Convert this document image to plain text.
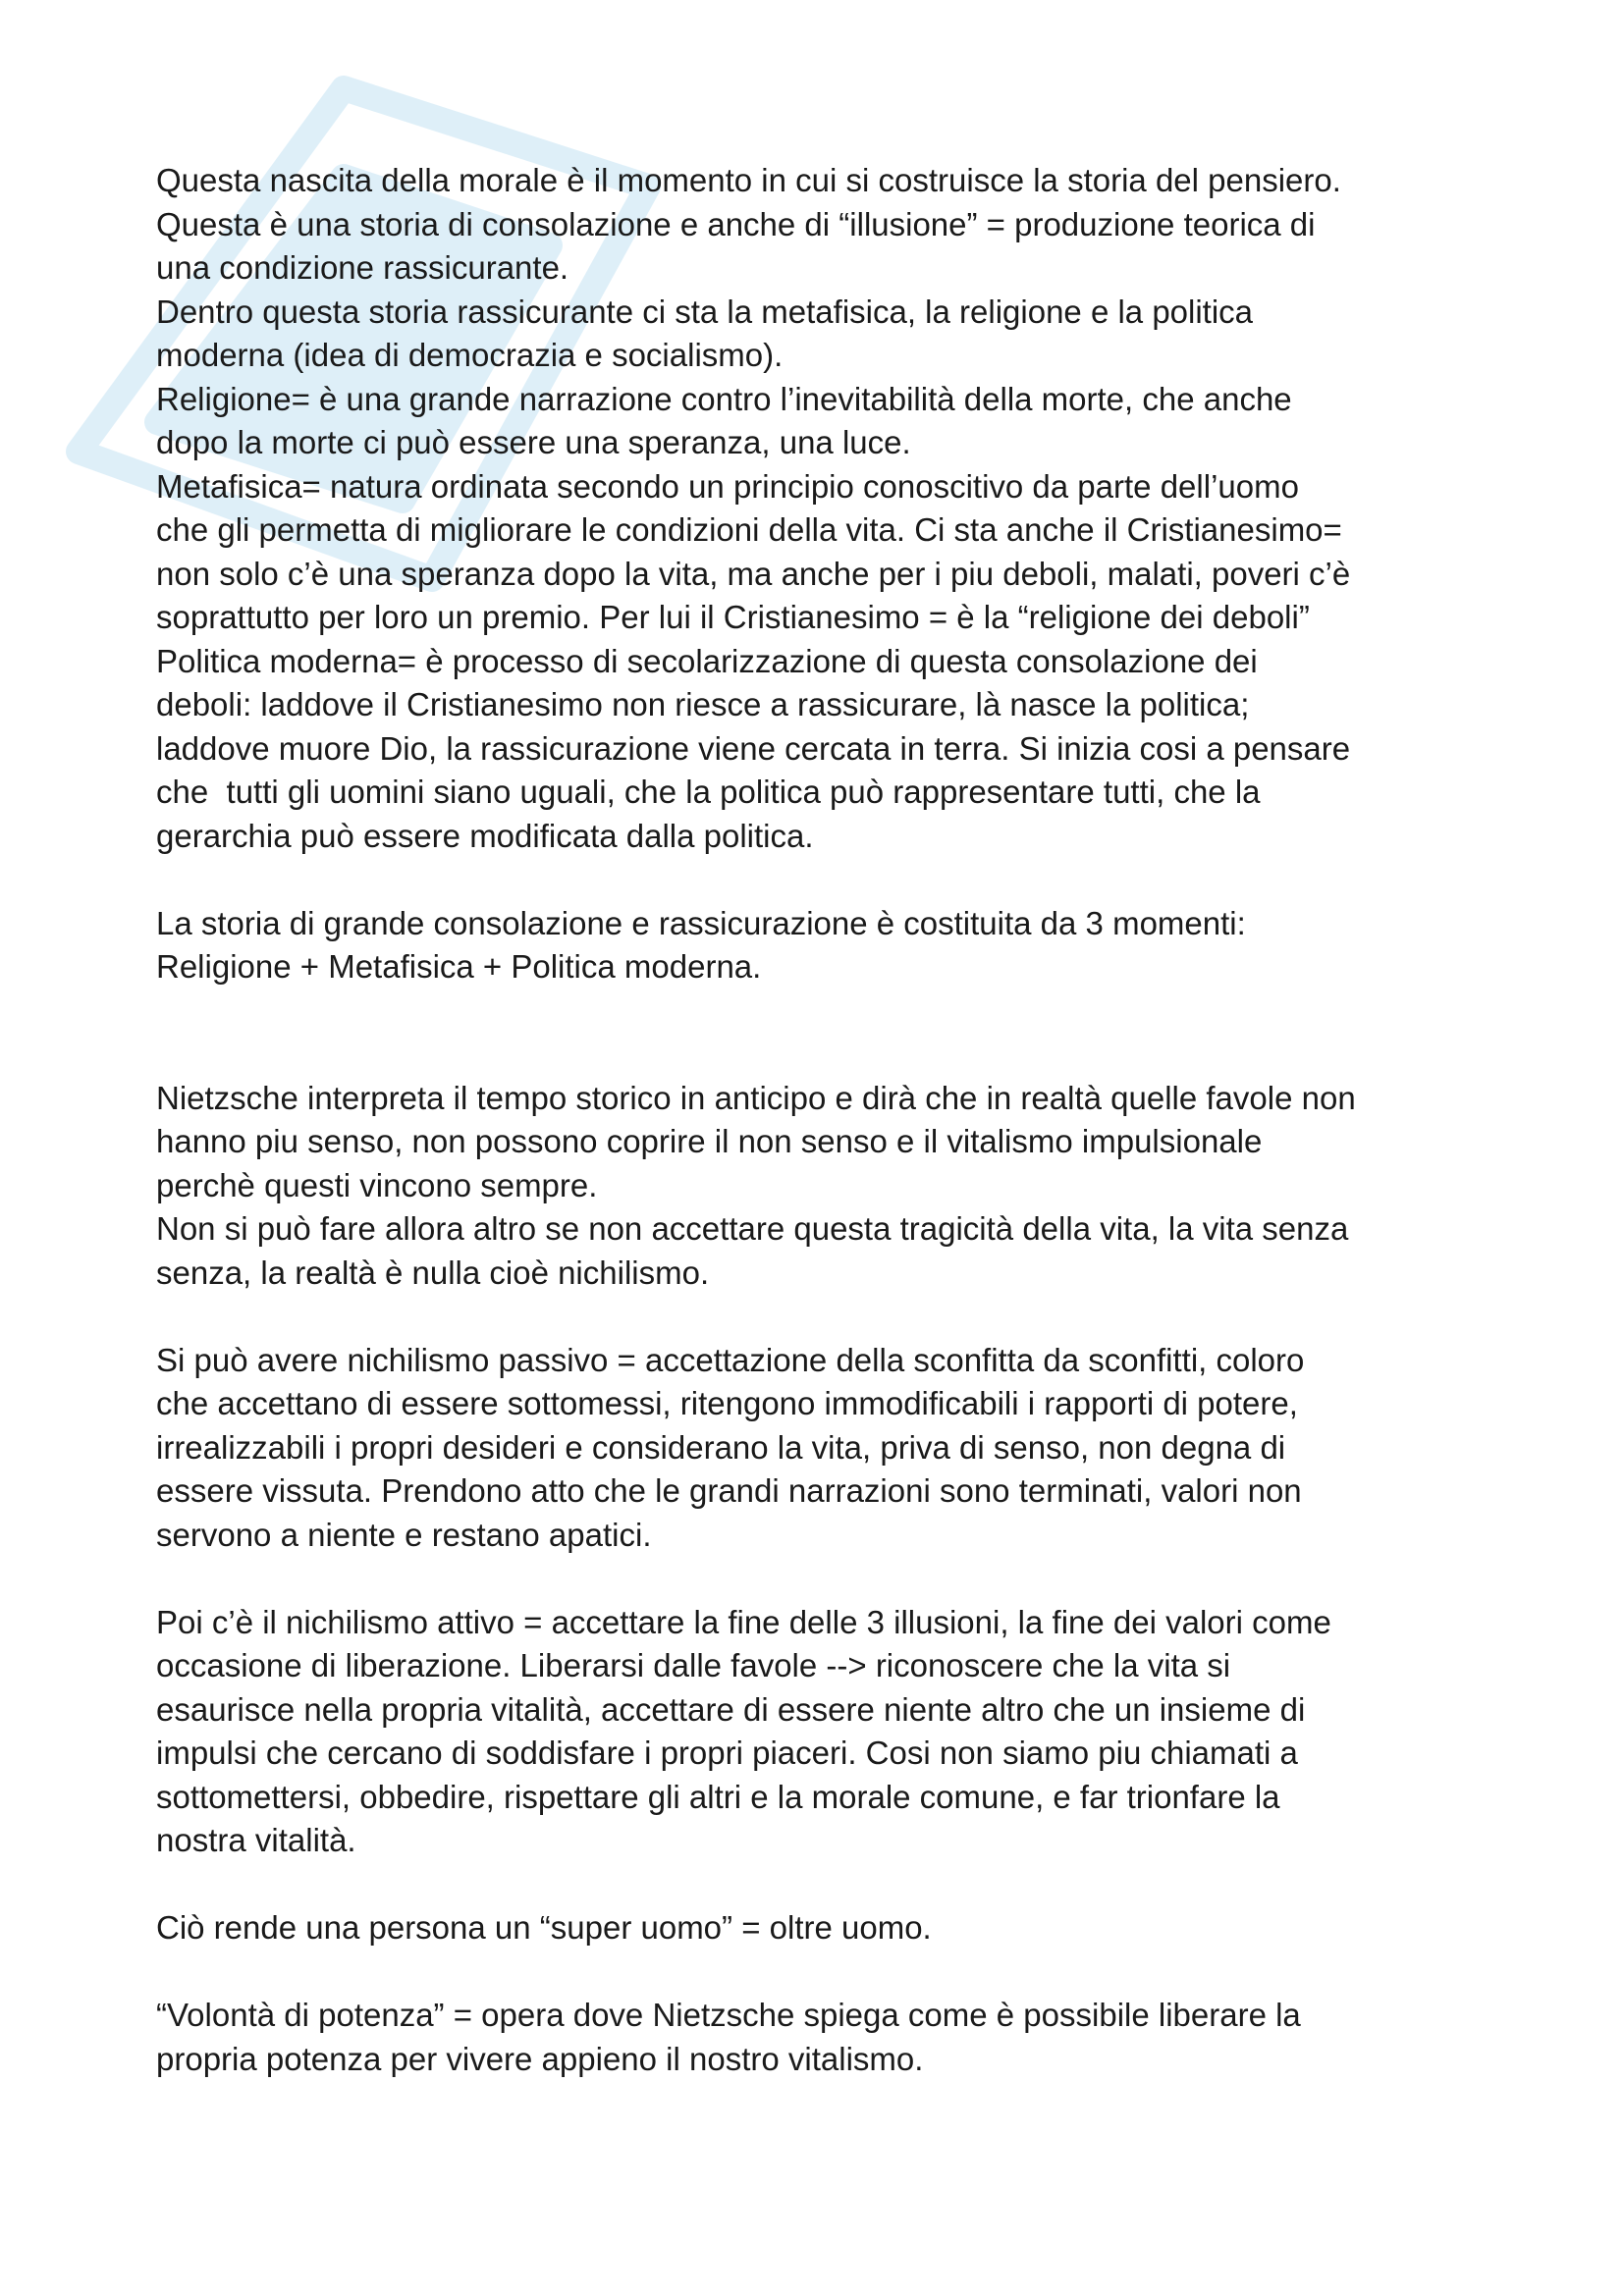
Questa nascita della morale è il momento in cui si costruisce la storia del pensiero.
Questa è una storia di consolazione e anche di “illusione” = produzione teorica di
una condizione rassicurante.
Dentro questa storia rassicurante ci sta la metafisica, la religione e la politica
moderna (idea di democrazia e socialismo).
Religione= è una grande narrazione contro l’inevitabilità della morte, che anche
dopo la morte ci può essere una speranza, una luce.
Metafisica= natura ordinata secondo un principio conoscitivo da parte dell’uomo
che gli permetta di migliorare le condizioni della vita. Ci sta anche il Cristianesimo=
non solo c’è una speranza dopo la vita, ma anche per i piu deboli, malati, poveri c’è
soprattutto per loro un premio. Per lui il Cristianesimo = è la “religione dei deboli”
Politica moderna= è processo di secolarizzazione di questa consolazione dei
deboli: laddove il Cristianesimo non riesce a rassicurare, là nasce la politica;
laddove muore Dio, la rassicurazione viene cercata in terra. Si inizia cosi a pensare
che  tutti gli uomini siano uguali, che la politica può rappresentare tutti, che la
gerarchia può essere modificata dalla politica.
La storia di grande consolazione e rassicurazione è costituita da 3 momenti:
Religione + Metafisica + Politica moderna.
Nietzsche interpreta il tempo storico in anticipo e dirà che in realtà quelle favole non
hanno piu senso, non possono coprire il non senso e il vitalismo impulsionale
perchè questi vincono sempre.
Non si può fare allora altro se non accettare questa tragicità della vita, la vita senza
senza, la realtà è nulla cioè nichilismo.
Si può avere nichilismo passivo = accettazione della sconfitta da sconfitti, coloro
che accettano di essere sottomessi, ritengono immodificabili i rapporti di potere,
irrealizzabili i propri desideri e considerano la vita, priva di senso, non degna di
essere vissuta. Prendono atto che le grandi narrazioni sono terminati, valori non
servono a niente e restano apatici.
Poi c’è il nichilismo attivo = accettare la fine delle 3 illusioni, la fine dei valori come
occasione di liberazione. Liberarsi dalle favole --> riconoscere che la vita si
esaurisce nella propria vitalità, accettare di essere niente altro che un insieme di
impulsi che cercano di soddisfare i propri piaceri. Cosi non siamo piu chiamati a
sottomettersi, obbedire, rispettare gli altri e la morale comune, e far trionfare la
nostra vitalità.
Ciò rende una persona un “super uomo” = oltre uomo.
“Volontà di potenza” = opera dove Nietzsche spiega come è possibile liberare la
propria potenza per vivere appieno il nostro vitalismo.
